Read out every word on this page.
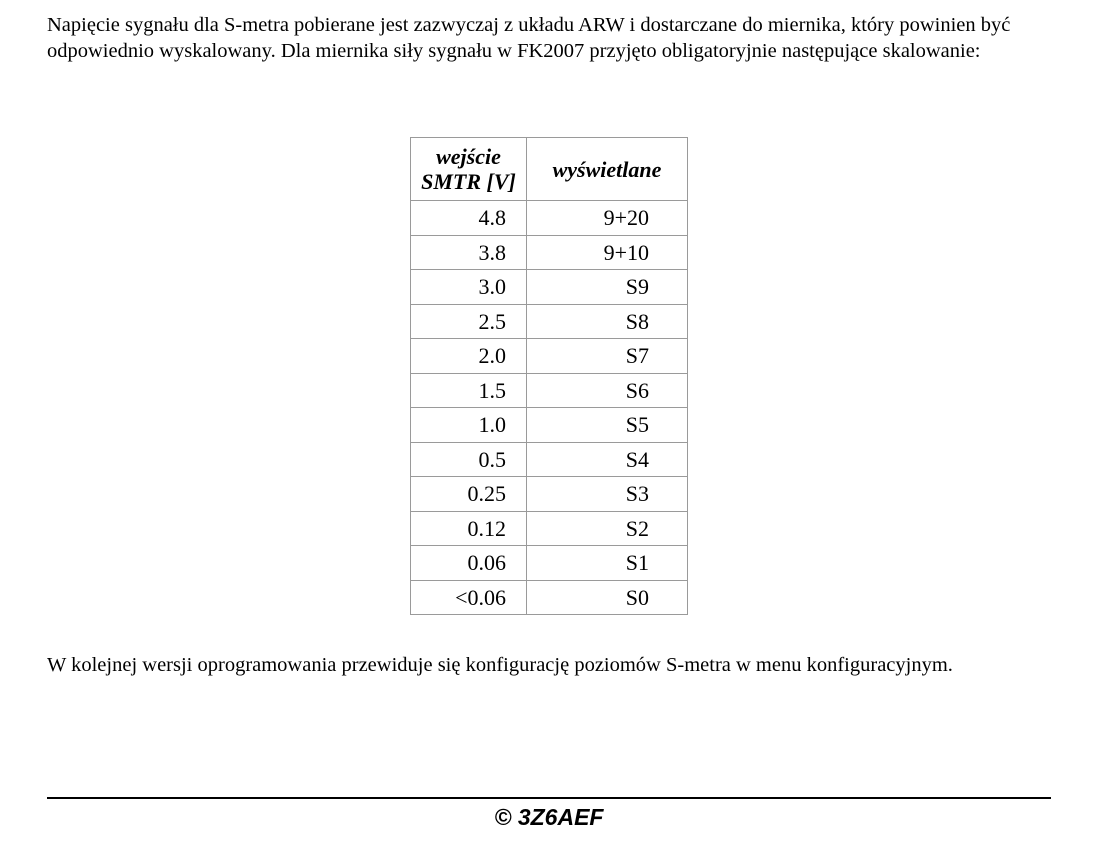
Napięcie sygnału dla S-metra pobierane jest zazwyczaj z układu ARW i dostarczane do miernika, który powinien być odpowiednio wyskalowany. Dla miernika siły sygnału w FK2007 przyjęto obligatoryjnie następujące skalowanie:

wejście
SMTR [V]	wyświetlane
4.8	9+20
3.8	9+10
3.0	S9
2.5	S8
2.0	S7
1.5	S6
1.0	S5
0.5	S4
0.25	S3
0.12	S2
0.06	S1
<0.06	S0

W kolejnej wersji oprogramowania przewiduje się konfigurację poziomów S-metra w menu konfiguracyjnym.

© 3Z6AEF
